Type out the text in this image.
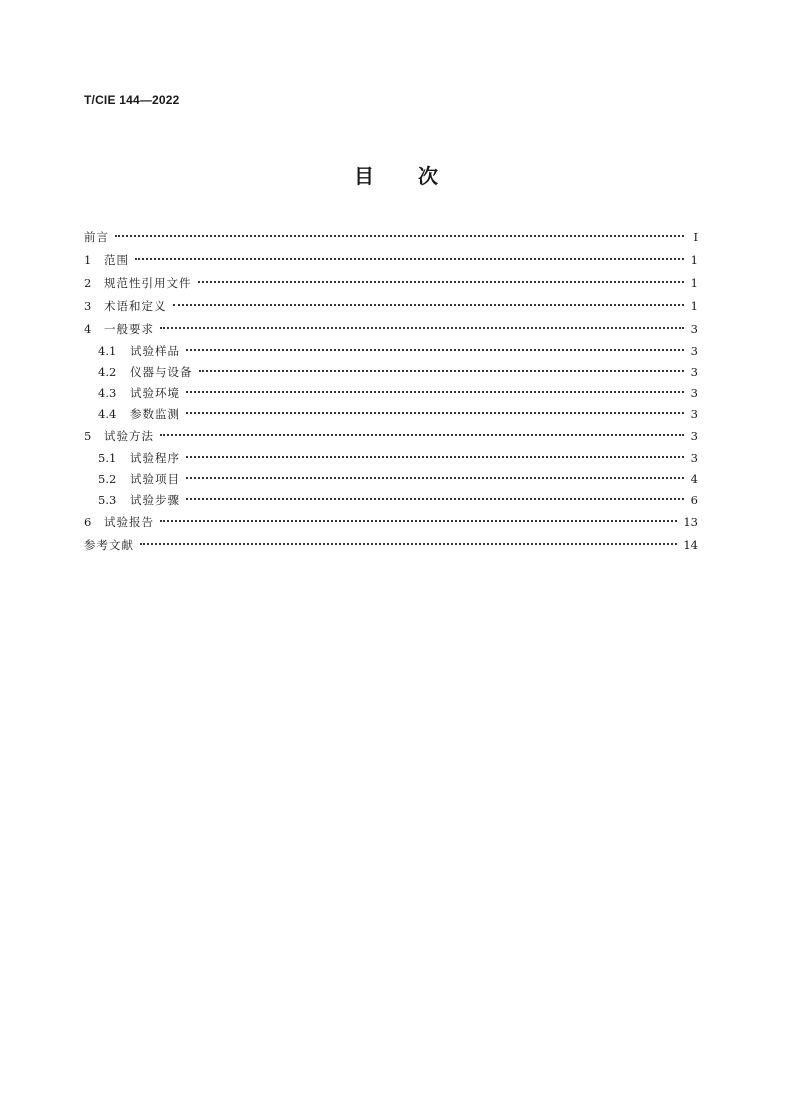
T/CIE 144—2022
目 次
前言	I
1	范围	1
2	规范性引用文件	1
3	术语和定义	1
4	一般要求	3
4.1	试验样品	3
4.2	仪器与设备	3
4.3	试验环境	3
4.4	参数监测	3
5	试验方法	3
5.1	试验程序	3
5.2	试验项目	4
5.3	试验步骤	6
6	试验报告	13
参考文献	14
